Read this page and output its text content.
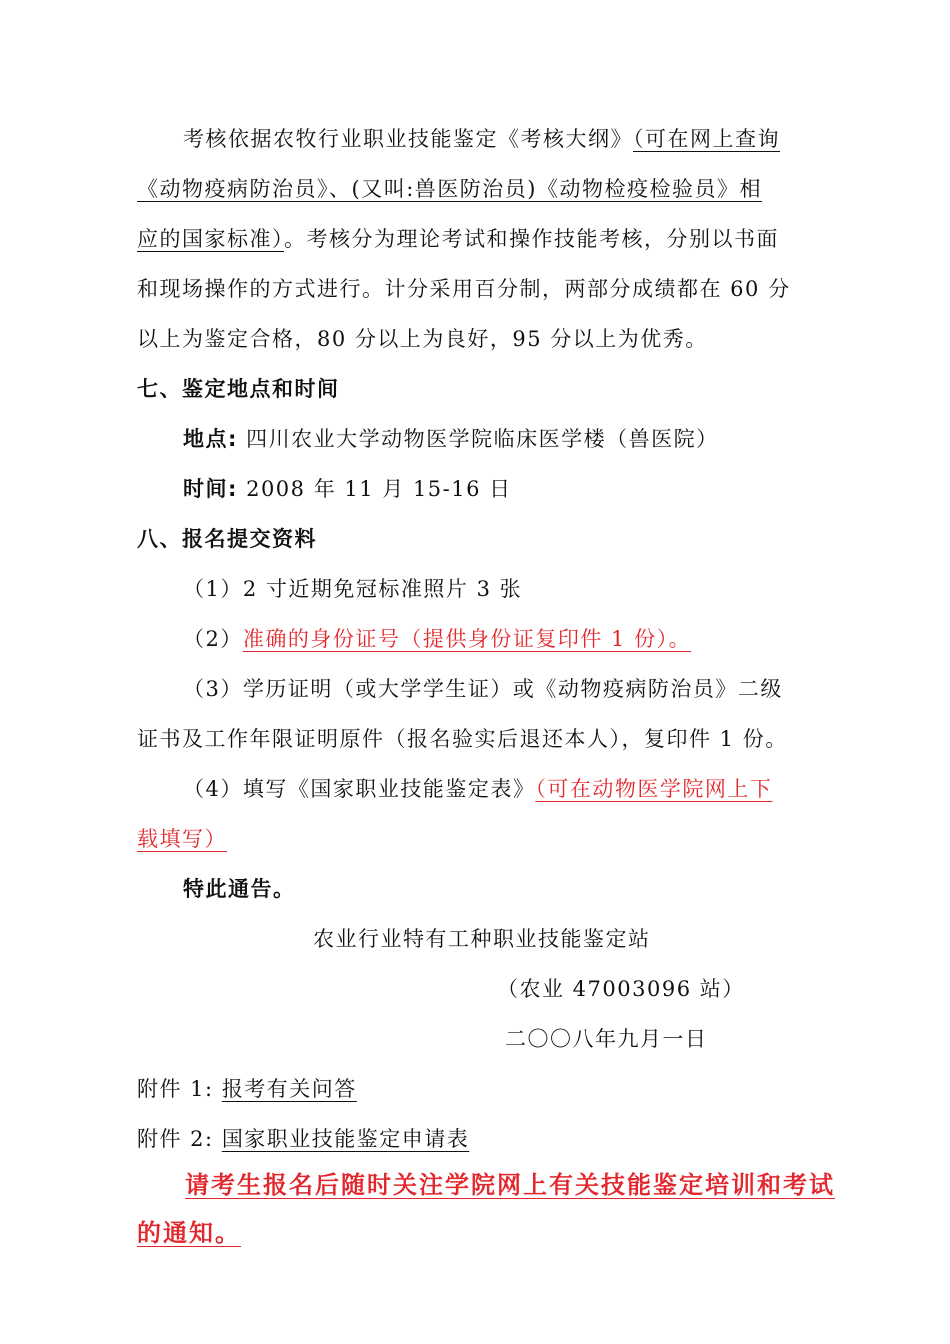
考核依据农牧行业职业技能鉴定《考核大纲》（可在网上查询
《动物疫病防治员》、(又叫:兽医防治员)《动物检疫检验员》相
应的国家标准）。考核分为理论考试和操作技能考核，分别以书面
和现场操作的方式进行。计分采用百分制，两部分成绩都在 60 分
以上为鉴定合格，80 分以上为良好，95 分以上为优秀。
七、鉴定地点和时间
地点: 四川农业大学动物医学院临床医学楼（兽医院）
时间: 2008 年 11 月 15-16 日
八、报名提交资料
（1）2 寸近期免冠标准照片 3 张
（2）准确的身份证号（提供身份证复印件 1 份）。
（3）学历证明（或大学学生证）或《动物疫病防治员》二级
证书及工作年限证明原件（报名验实后退还本人），复印件 1 份。
（4）填写《国家职业技能鉴定表》（可在动物医学院网上下
载填写）
特此通告。
农业行业特有工种职业技能鉴定站
（农业 47003096 站）
二〇〇八年九月一日
附件 1: 报考有关问答
附件 2: 国家职业技能鉴定申请表
请考生报名后随时关注学院网上有关技能鉴定培训和考试
的通知。
